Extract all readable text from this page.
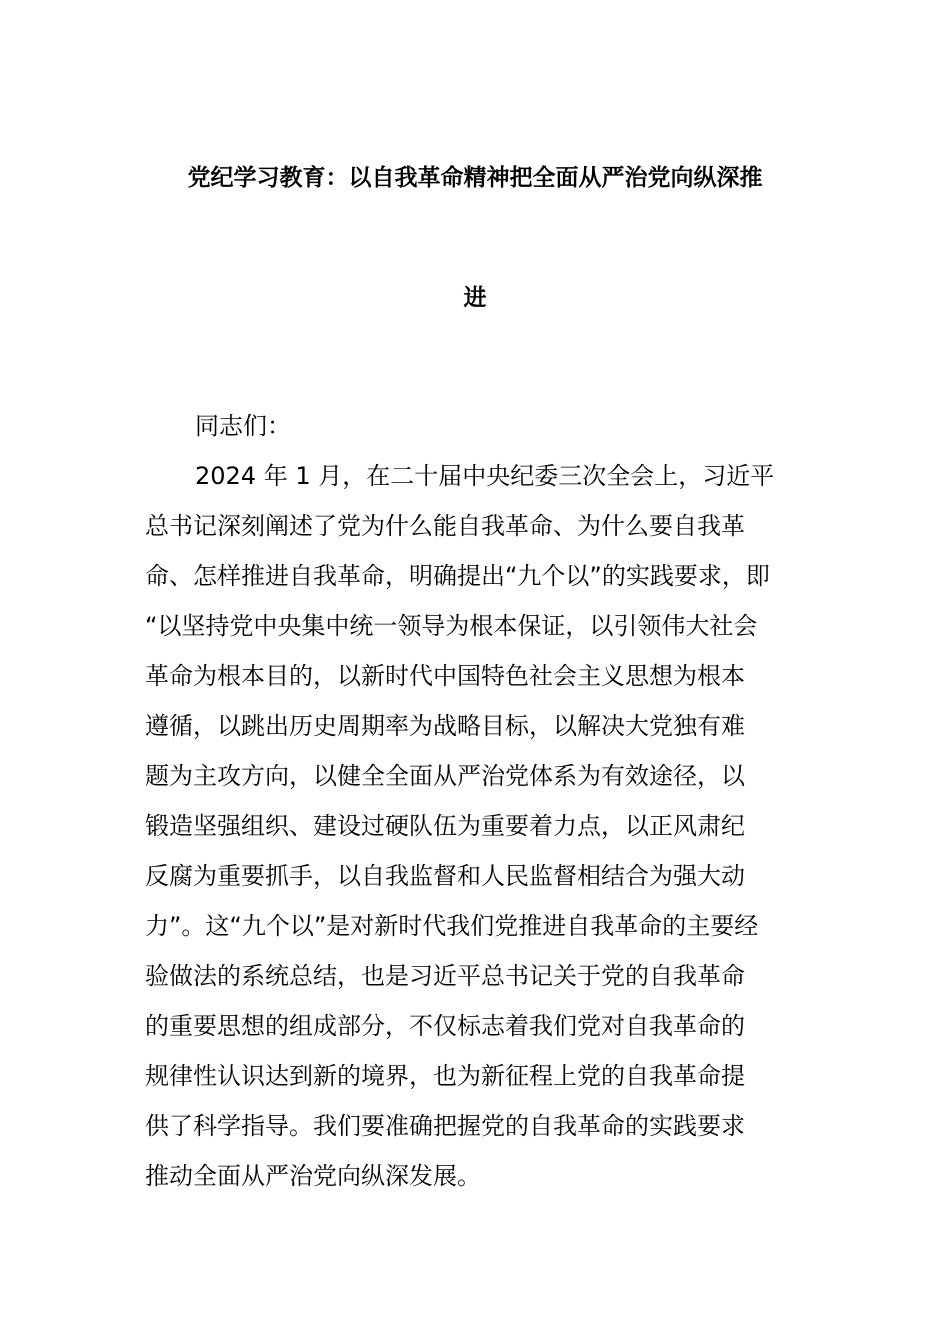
党纪学习教育：以自我革命精神把全面从严治党向纵深推
进
同志们：
2024 年 1 月，在二十届中央纪委三次全会上，习近平
总书记深刻阐述了党为什么能自我革命、为什么要自我革
命、怎样推进自我革命，明确提出“九个以”的实践要求，即
“以坚持党中央集中统一领导为根本保证，以引领伟大社会
革命为根本目的，以新时代中国特色社会主义思想为根本
遵循，以跳出历史周期率为战略目标，以解决大党独有难
题为主攻方向，以健全全面从严治党体系为有效途径，以
锻造坚强组织、建设过硬队伍为重要着力点，以正风肃纪
反腐为重要抓手，以自我监督和人民监督相结合为强大动
力”。这“九个以”是对新时代我们党推进自我革命的主要经
验做法的系统总结，也是习近平总书记关于党的自我革命
的重要思想的组成部分，不仅标志着我们党对自我革命的
规律性认识达到新的境界，也为新征程上党的自我革命提
供了科学指导。我们要准确把握党的自我革命的实践要求
推动全面从严治党向纵深发展。
